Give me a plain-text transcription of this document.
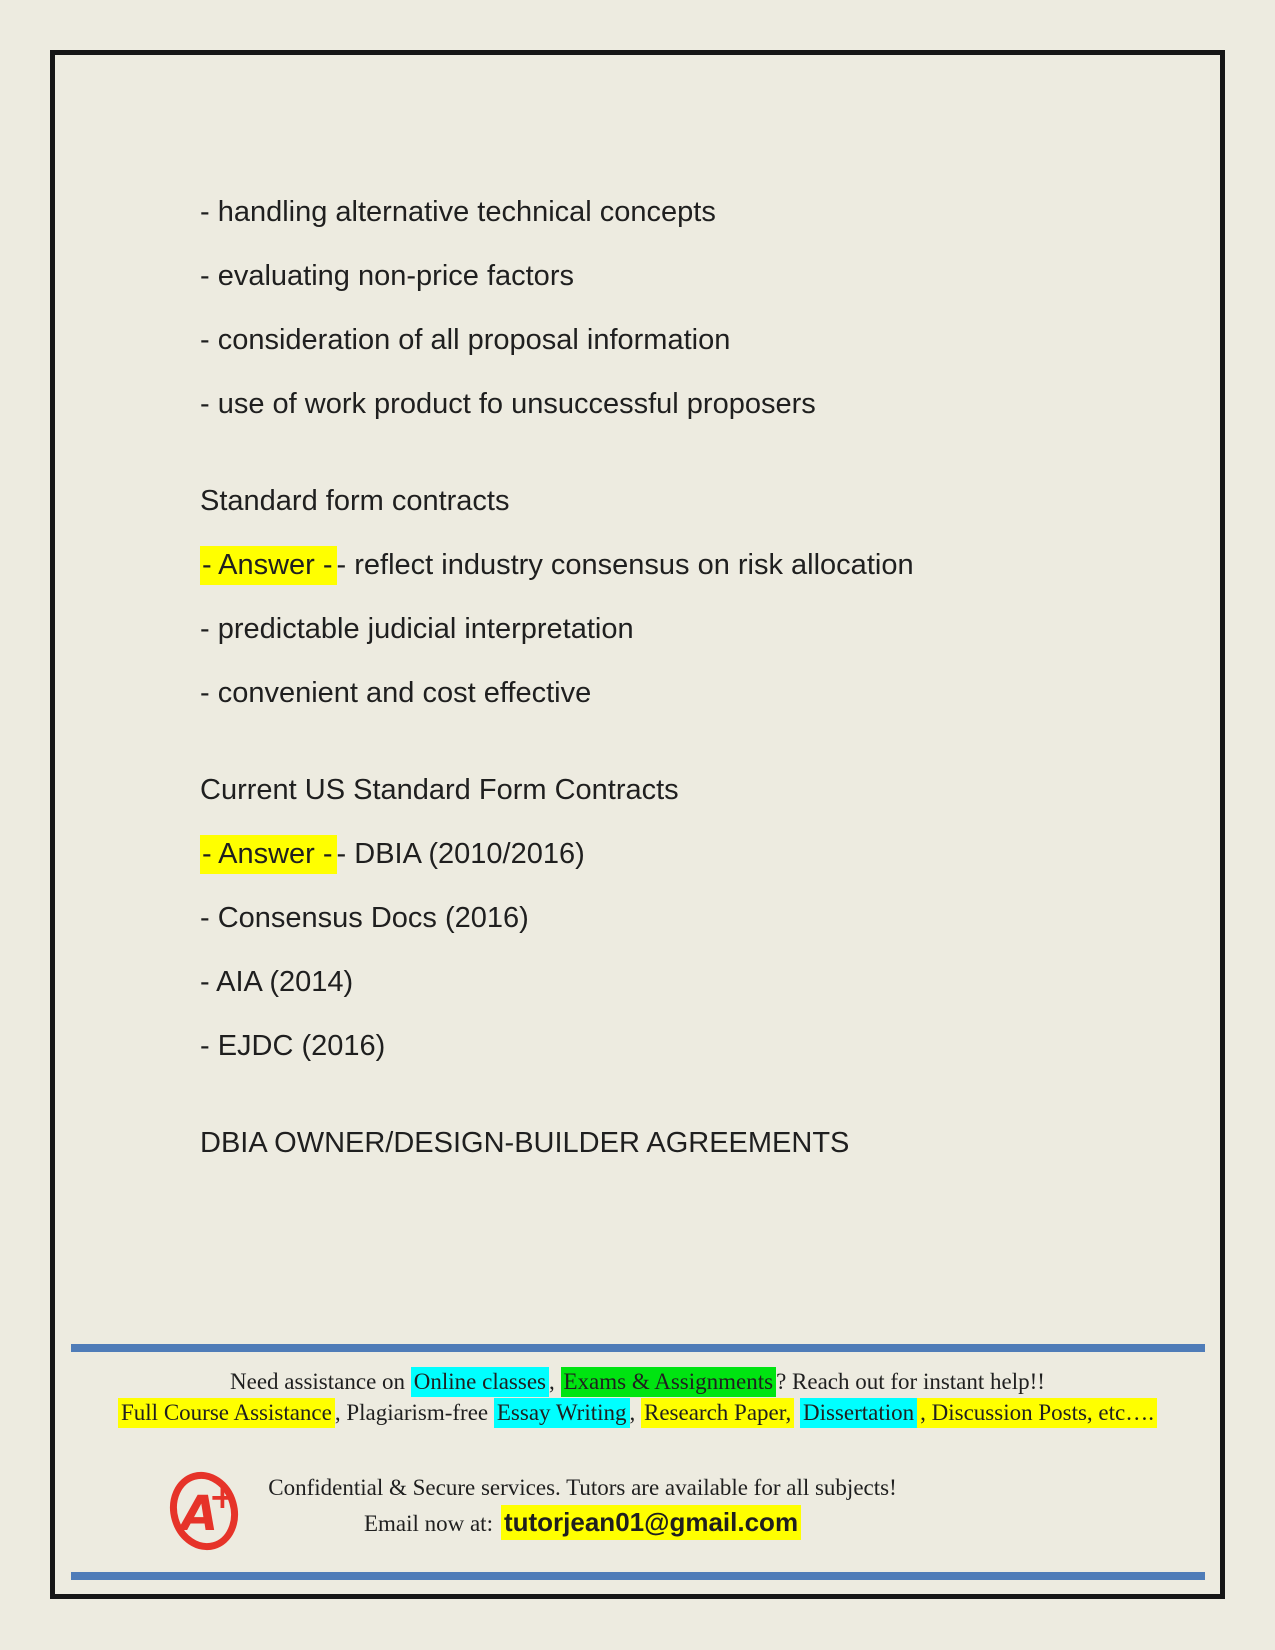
- handling alternative technical concepts

- evaluating non-price factors

- consideration of all proposal information

- use of work product fo unsuccessful proposers

Standard form contracts

- Answer - - reflect industry consensus on risk allocation

- predictable judicial interpretation

- convenient and cost effective

Current US Standard Form Contracts

- Answer - - DBIA (2010/2016)

- Consensus Docs (2016)

- AIA (2014)

- EJDC (2016)

DBIA OWNER/DESIGN-BUILDER AGREEMENTS

Need assistance on Online classes , Exams & Assignments ? Reach out for instant help!!
Full Course Assistance , Plagiarism-free Essay Writing , Research Paper, Dissertation , Discussion Posts, etc….
A
+	Confidential & Secure services. Tutors are available for all subjects!
Email now at: tutorjean01@gmail.com
